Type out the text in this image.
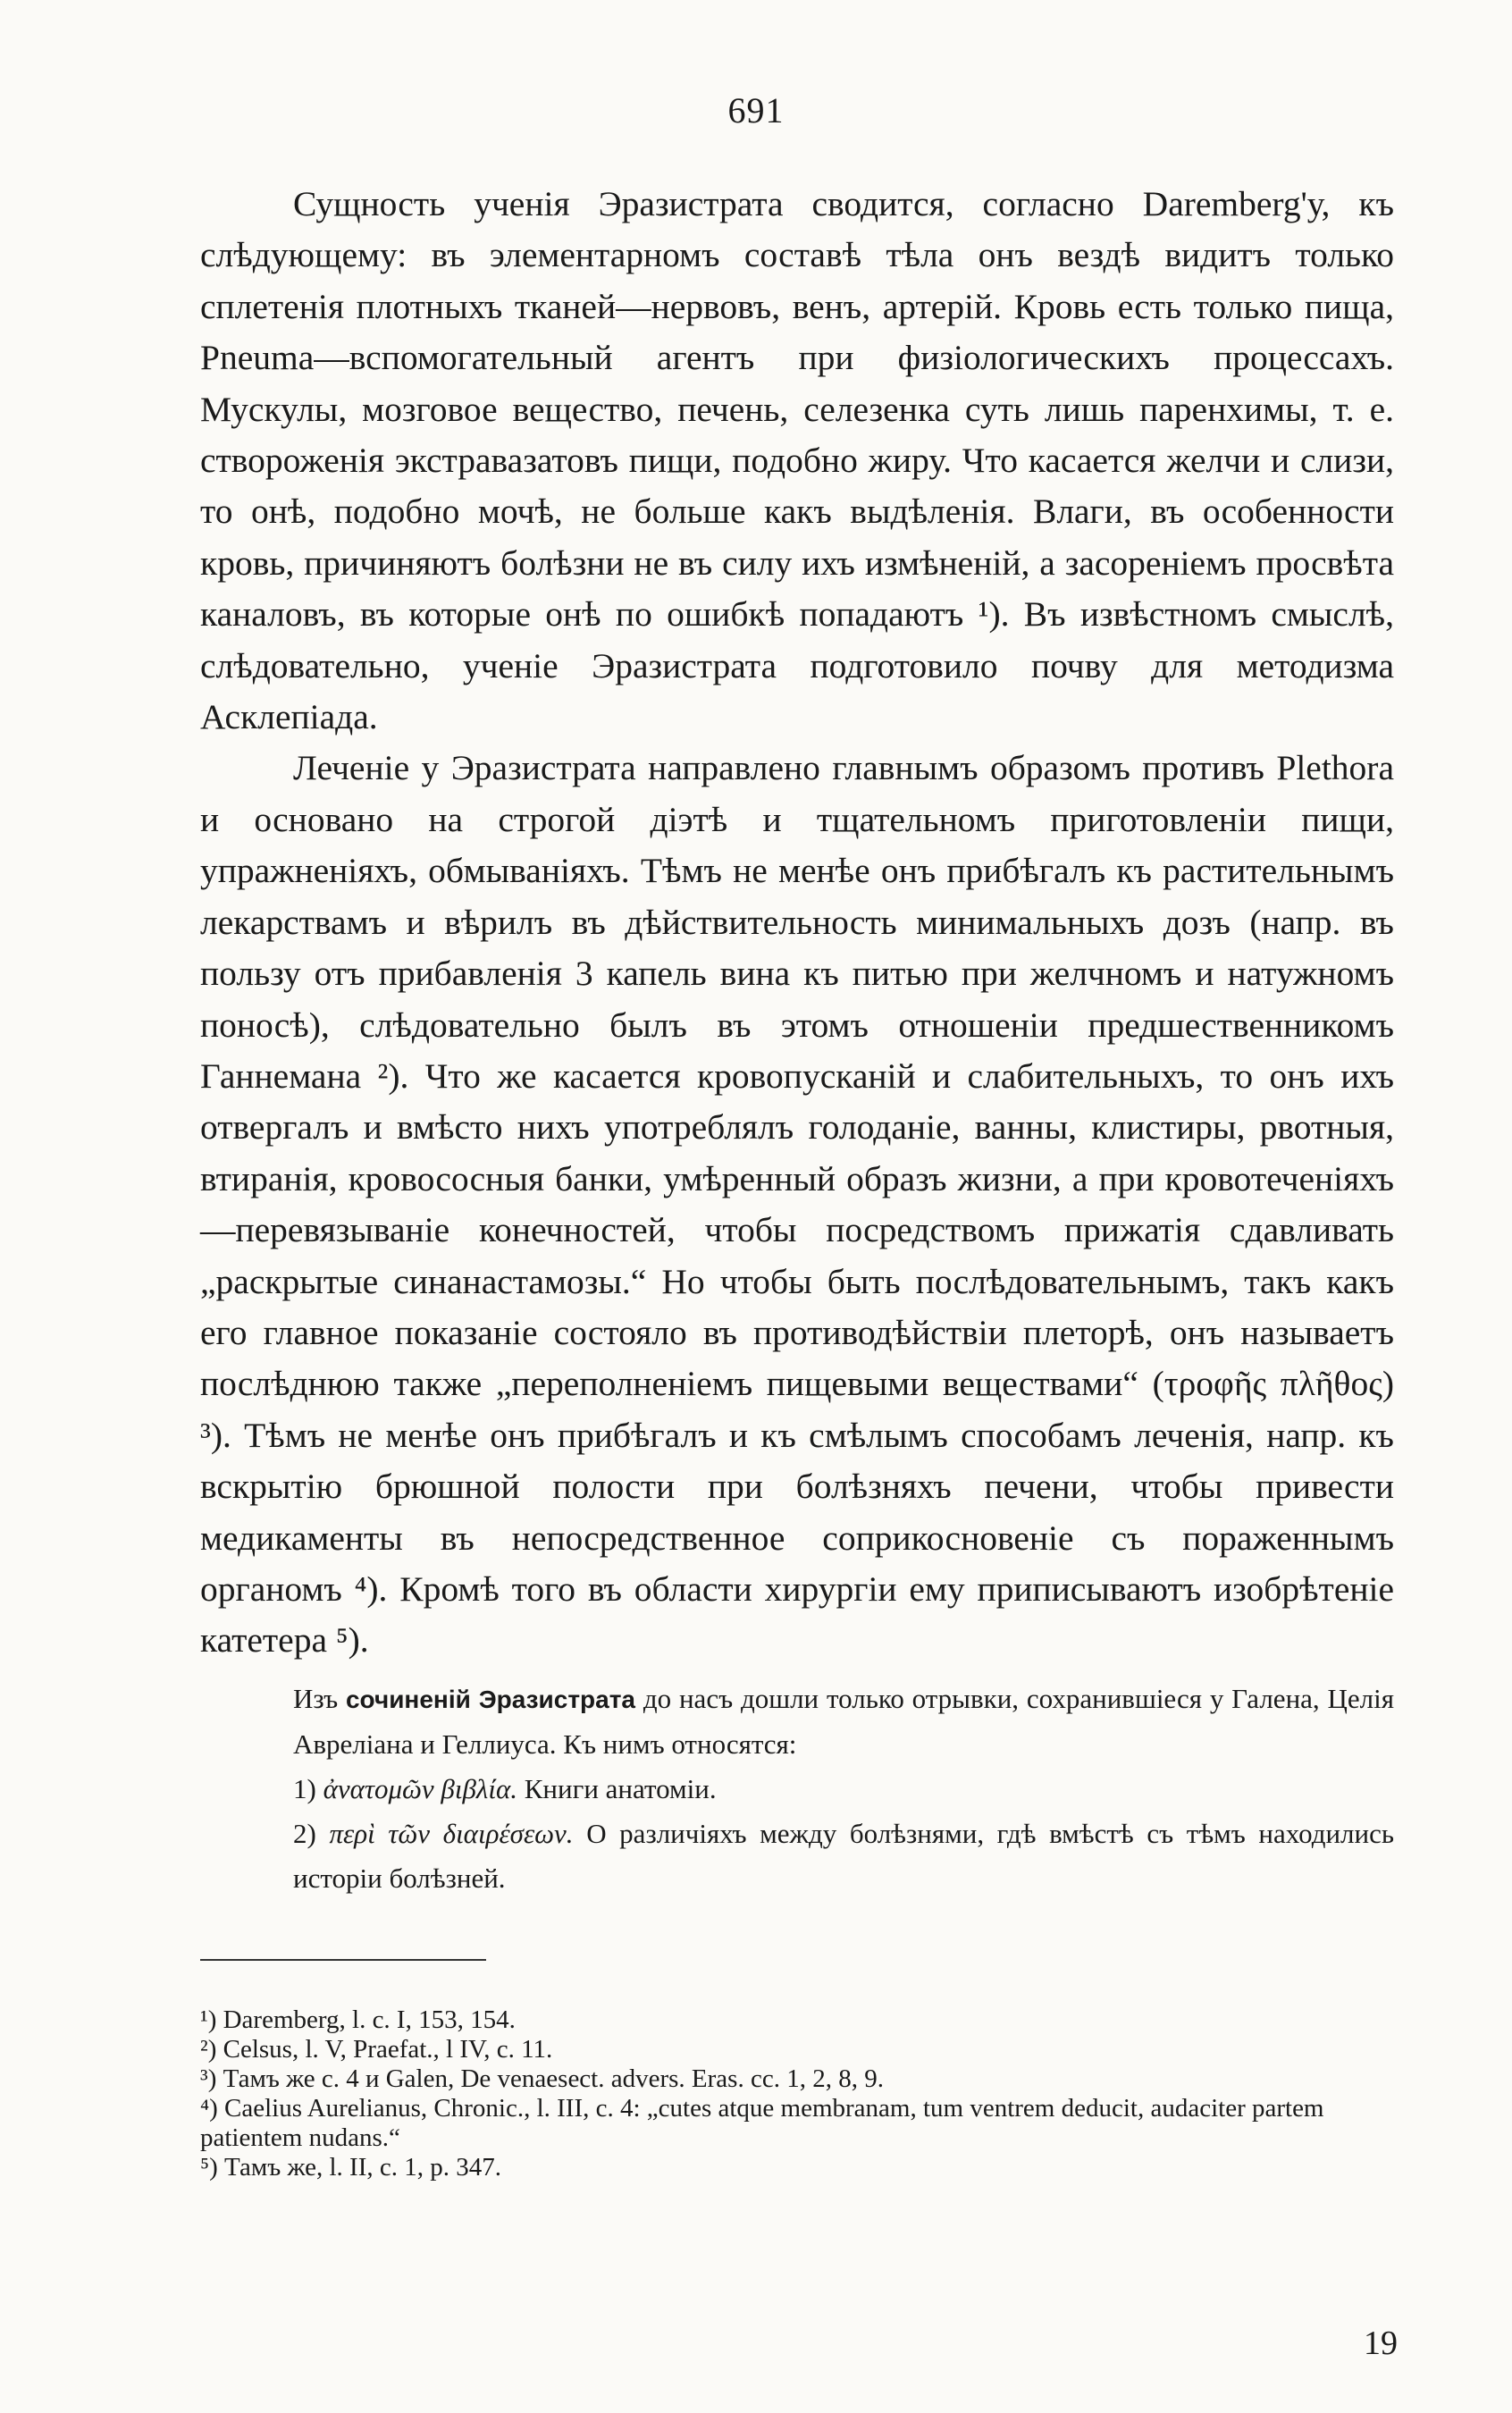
691

Сущность ученія Эразистрата сводится, согласно Daremberg'у, къ слѣдующему: въ элементарномъ составѣ тѣла онъ вездѣ видитъ только сплетенія плотныхъ тканей—нервовъ, венъ, артерій. Кровь есть только пища, Pneuma—вспомогательный агентъ при физіологическихъ процессахъ. Мускулы, мозговое вещество, печень, селезенка суть лишь паренхимы, т. е. створоженія экстравазатовъ пищи, подобно жиру. Что касается желчи и слизи, то онѣ, подобно мочѣ, не больше какъ выдѣленія. Влаги, въ особенности кровь, причиняютъ болѣзни не въ силу ихъ измѣненій, а засореніемъ просвѣта каналовъ, въ которые онѣ по ошибкѣ попадаютъ ¹). Въ извѣстномъ смыслѣ, слѣдовательно, ученіе Эразистрата подготовило почву для методизма Асклепіада.

Леченіе у Эразистрата направлено главнымъ образомъ противъ Plethora и основано на строгой діэтѣ и тщательномъ приготовленіи пищи, упражненіяхъ, обмываніяхъ. Тѣмъ не менѣе онъ прибѣгалъ къ растительнымъ лекарствамъ и вѣрилъ въ дѣйствительность минимальныхъ дозъ (напр. въ пользу отъ прибавленія 3 капель вина къ питью при желчномъ и натужномъ поносѣ), слѣдовательно былъ въ этомъ отношеніи предшественникомъ Ганнемана ²). Что же касается кровопусканій и слабительныхъ, то онъ ихъ отвергалъ и вмѣсто нихъ употреблялъ голоданіе, ванны, клистиры, рвотныя, втиранія, кровососныя банки, умѣренный образъ жизни, а при кровотеченіяхъ—перевязываніе конечностей, чтобы посредствомъ прижатія сдавливать „раскрытые синанастамозы.“ Но чтобы быть послѣдовательнымъ, такъ какъ его главное показаніе состояло въ противодѣйствіи плеторѣ, онъ называетъ послѣднюю также „переполненіемъ пищевыми веществами“ (τροφῆς πλῆθος) ³). Тѣмъ не менѣе онъ прибѣгалъ и къ смѣлымъ способамъ леченія, напр. къ вскрытію брюшной полости при болѣзняхъ печени, чтобы привести медикаменты въ непосредственное соприкосновеніе съ пораженнымъ органомъ ⁴). Кромѣ того въ области хирургіи ему приписываютъ изобрѣтеніе катетера ⁵).

Изъ сочиненій Эразистрата до насъ дошли только отрывки, сохранившіеся у Галена, Целія Авреліана и Геллиуса. Къ нимъ относятся:

1) ἀνατομῶν βιβλία. Книги анатоміи.

2) περὶ τῶν διαιρέσεων. О различіяхъ между болѣзнями, гдѣ вмѣстѣ съ тѣмъ находились исторіи болѣзней.

¹) Daremberg, l. c. I, 153, 154.

²) Celsus, l. V, Praefat., l IV, c. 11.

³) Тамъ же c. 4 и Galen, De venaesect. advers. Eras. cc. 1, 2, 8, 9.

⁴) Caelius Aurelianus, Chronic., l. III, c. 4: „cutes atque membranam, tum ventrem deducit, audaciter partem patientem nudans.“

⁵) Тамъ же, l. II, c. 1, p. 347.

19
